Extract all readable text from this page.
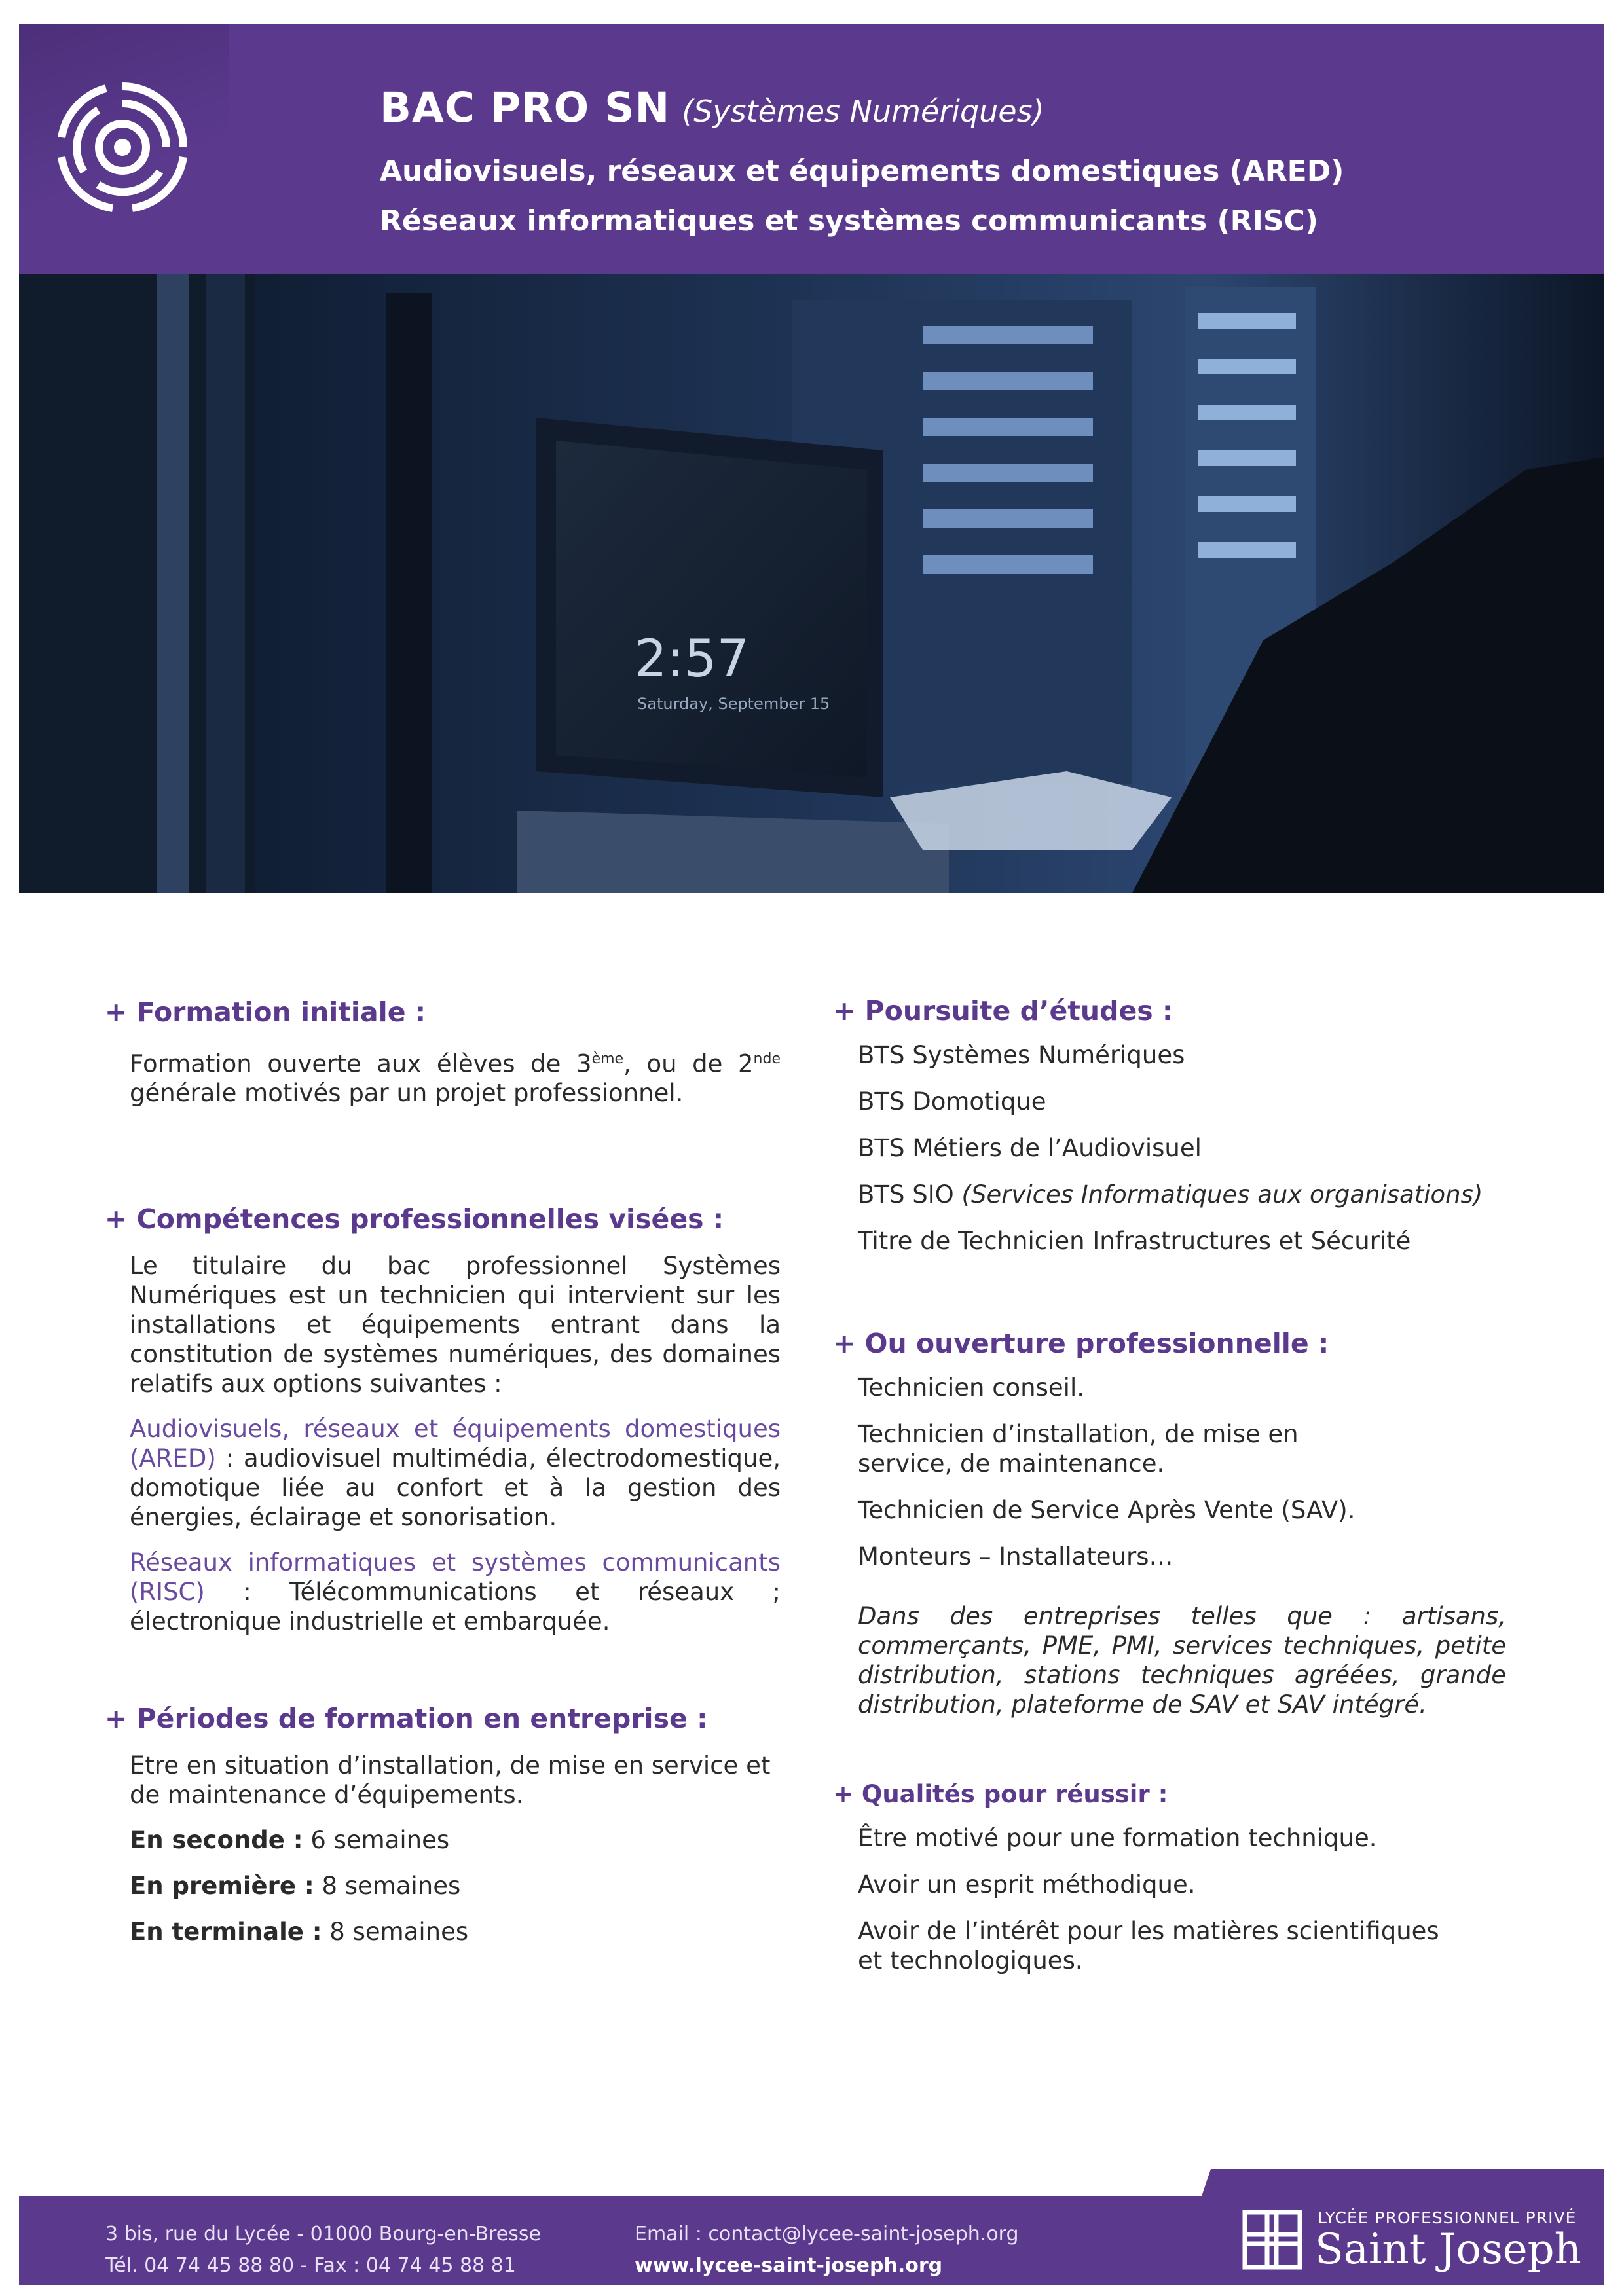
BAC PRO SN (Systèmes Numériques)
Audiovisuels, réseaux et équipements domestiques (ARED)
Réseaux informatiques et systèmes communicants (RISC)
2:57
Saturday, September 15
+ Formation initiale :

Formation ouverte aux élèves de 3ème, ou de 2nde générale motivés par un projet professionnel.

+ Compétences professionnelles visées :

Le titulaire du bac professionnel Systèmes Numériques est un technicien qui intervient sur les installations et équipements entrant dans la constitution de systèmes numériques, des domaines relatifs aux options suivantes :

Audiovisuels, réseaux et équipements domestiques (ARED) : audiovisuel multimédia, électrodomestique, domotique liée au confort et à la gestion des énergies, éclairage et sonorisation.

Réseaux informatiques et systèmes communicants (RISC) : Télécommunications et réseaux ; électronique industrielle et embarquée.

+ Périodes de formation en entreprise :

Etre en situation d’installation, de mise en service et de maintenance d’équipements.

En seconde : 6 semaines

En première : 8 semaines

En terminale : 8 semaines

+ Poursuite d’études :

BTS Systèmes Numériques

BTS Domotique

BTS Métiers de l’Audiovisuel

BTS SIO (Services Informatiques aux organisations)

Titre de Technicien Infrastructures et Sécurité

+ Ou ouverture professionnelle :

Technicien conseil.

Technicien d’installation, de mise en service, de maintenance.

Technicien de Service Après Vente (SAV).

Monteurs – Installateurs…

Dans des entreprises telles que : artisans, commerçants, PME, PMI, services techniques, petite distribution, stations techniques agréées, grande distribution, plateforme de SAV et SAV intégré.

+ Qualités pour réussir :

Être motivé pour une formation technique.

Avoir un esprit méthodique.

Avoir de l’intérêt pour les matières scientifiques et technologiques.

3 bis, rue du Lycée - 01000 Bourg-en-Bresse
Tél. 04 74 45 88 80 - Fax : 04 74 45 88 81
Email : contact@lycee-saint-joseph.org
www.lycee-saint-joseph.org
LYCÉE PROFESSIONNEL PRIVÉ
Saint Joseph
